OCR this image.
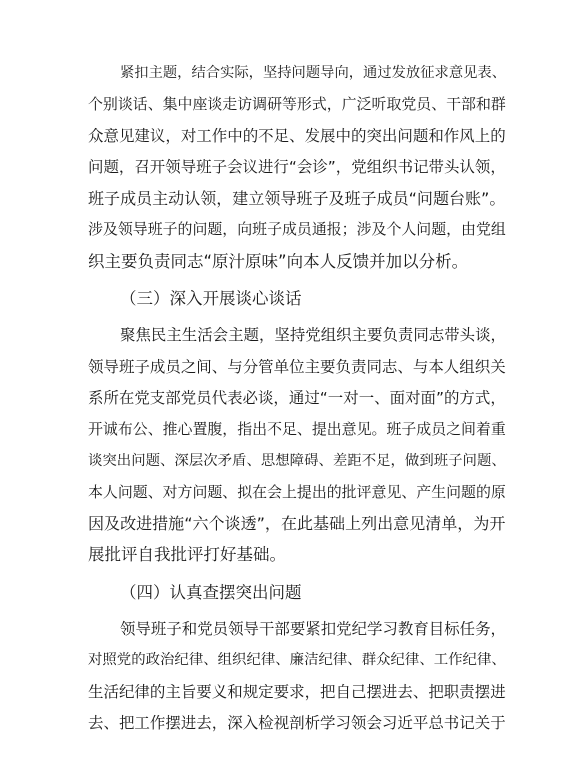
紧扣主题，结合实际，坚持问题导向，通过发放征求意见表、
个别谈话、集中座谈走访调研等形式，广泛听取党员、干部和群
众意见建议，对工作中的不足、发展中的突出问题和作风上的
问题，召开领导班子会议进行“会诊”，党组织书记带头认领，
班子成员主动认领，建立领导班子及班子成员“问题台账”。
涉及领导班子的问题，向班子成员通报；涉及个人问题，由党组
织主要负责同志“原汁原味”向本人反馈并加以分析。
（三）深入开展谈心谈话
聚焦民主生活会主题，坚持党组织主要负责同志带头谈，
领导班子成员之间、与分管单位主要负责同志、与本人组织关
系所在党支部党员代表必谈，通过“一对一、面对面”的方式，
开诚布公、推心置腹，指出不足、提出意见。班子成员之间着重
谈突出问题、深层次矛盾、思想障碍、差距不足，做到班子问题、
本人问题、对方问题、拟在会上提出的批评意见、产生问题的原
因及改进措施“六个谈透”，在此基础上列出意见清单，为开
展批评自我批评打好基础。
（四）认真查摆突出问题
领导班子和党员领导干部要紧扣党纪学习教育目标任务，
对照党的政治纪律、组织纪律、廉洁纪律、群众纪律、工作纪律、
生活纪律的主旨要义和规定要求，把自己摆进去、把职责摆进
去、把工作摆进去，深入检视剖析学习领会习近平总书记关于
